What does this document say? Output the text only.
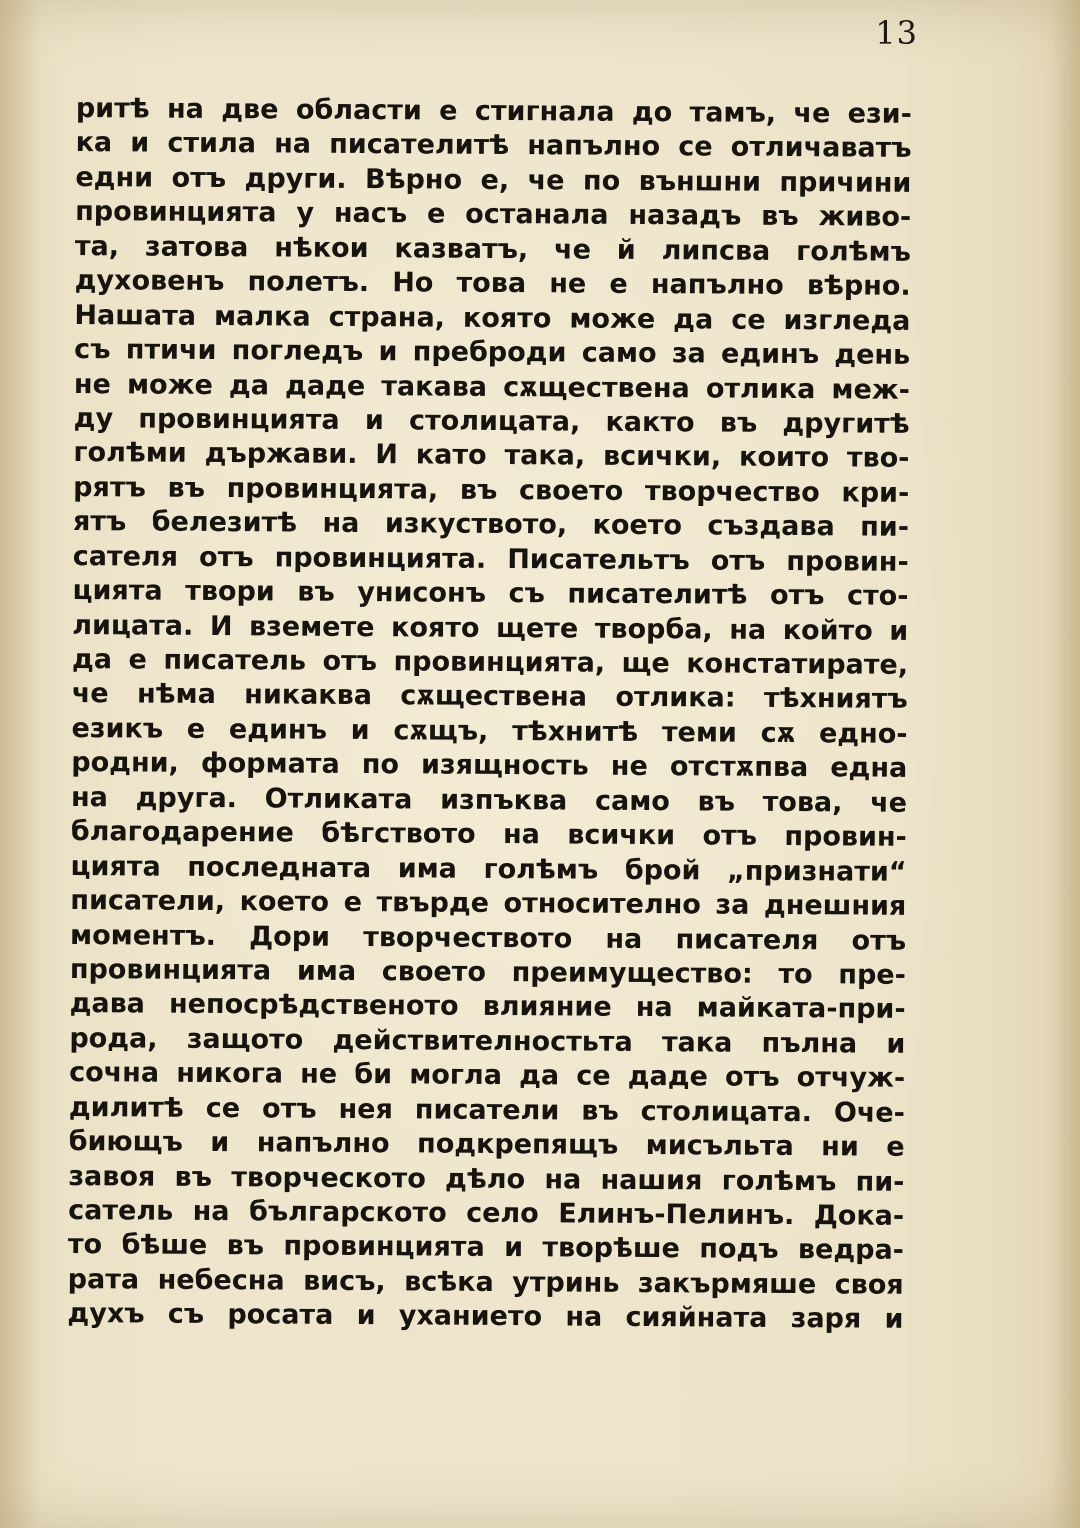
13
ритѣ на две области е стигнала до тамъ, че ези-
ка и стила на писателитѣ напълно се отличаватъ
едни отъ други. Вѣрно е, че по външни причини
провинцията у насъ е останала назадъ въ живо-
та, затова нѣкои казватъ, че й липсва голѣмъ
духовенъ полетъ. Но това не е напълно вѣрно.
Нашата малка страна, която може да се изгледа
съ птичи погледъ и преброди само за единъ день
не може да даде такава сѫществена отлика меж-
ду провинцията и столицата, както въ другитѣ
голѣми държави. И като така, всички, които тво-
рятъ въ провинцията, въ своето творчество кри-
ятъ белезитѣ на изкуството, което създава пи-
сателя отъ провинцията. Писательтъ отъ провин-
цията твори въ унисонъ съ писателитѣ отъ сто-
лицата. И вземете която щете творба, на който и
да е писатель отъ провинцията, ще констатирате,
че нѣма никаква сѫществена отлика: тѣхниятъ
езикъ е единъ и сѫщъ, тѣхнитѣ теми сѫ едно-
родни, формата по изящность не отстѫпва една
на друга. Отликата изпъква само въ това, че
благодарение бѣгството на всички отъ провин-
цията последната има голѣмъ брой „признати“
писатели, което е твърде относително за днешния
моментъ. Дори творчеството на писателя отъ
провинцията има своето преимущество: то пре-
дава непосрѣдственото влияние на майката-при-
рода, защото действителностьта така пълна и
сочна никога не би могла да се даде отъ отчуж-
дилитѣ се отъ нея писатели въ столицата. Оче-
биющъ и напълно подкрепящъ мисъльта ни е
завоя въ творческото дѣло на нашия голѣмъ пи-
сатель на българското село Елинъ-Пелинъ. Дока-
то бѣше въ провинцията и творѣше подъ ведра-
рата небесна висъ, всѣка утринь закърмяше своя
духъ съ росата и уханието на сияйната заря и
